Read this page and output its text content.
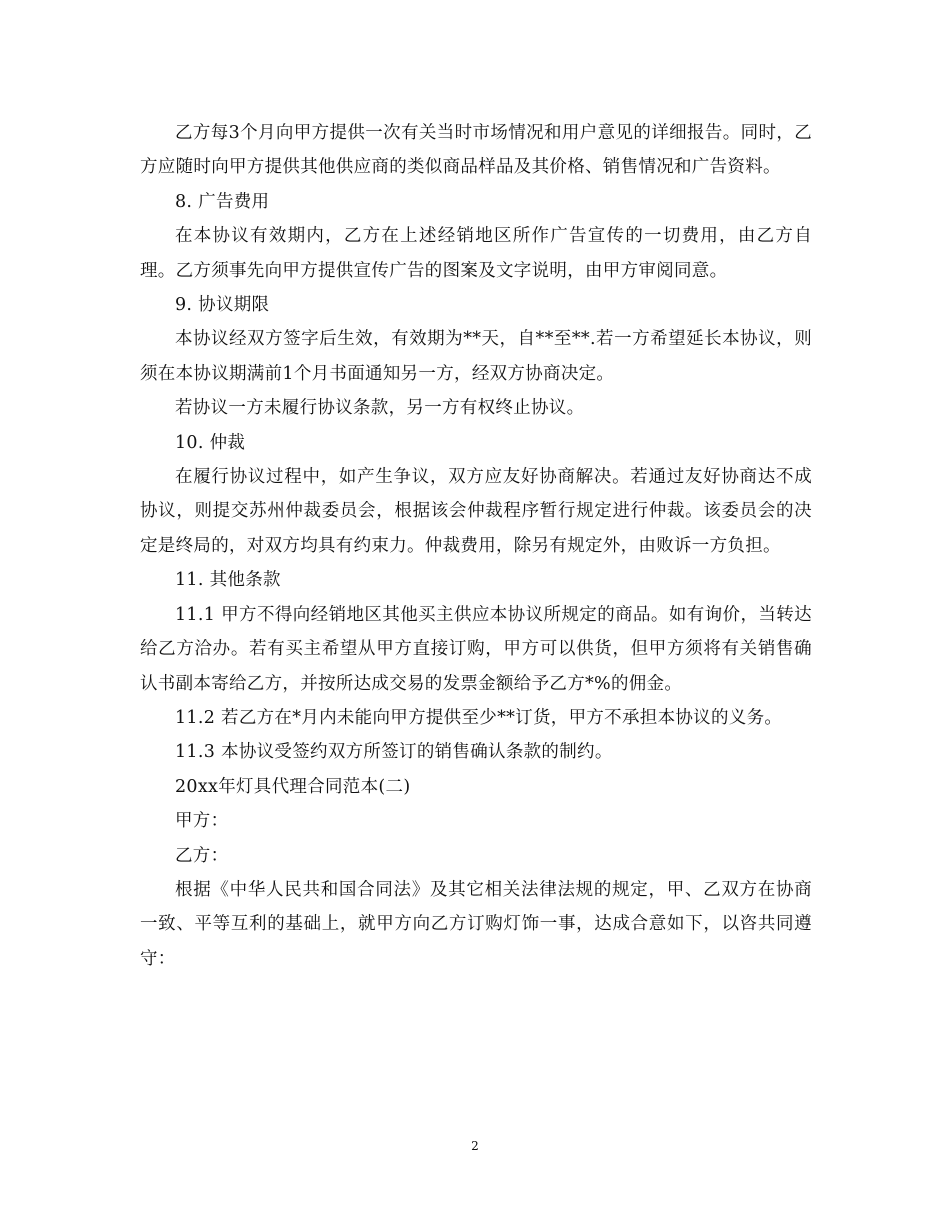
乙方每3个月向甲方提供一次有关当时市场情况和用户意见的详细报告。同时，乙方应随时向甲方提供其他供应商的类似商品样品及其价格、销售情况和广告资料。

8. 广告费用

在本协议有效期内，乙方在上述经销地区所作广告宣传的一切费用，由乙方自理。乙方须事先向甲方提供宣传广告的图案及文字说明，由甲方审阅同意。

9. 协议期限

本协议经双方签字后生效，有效期为**天，自**至**.若一方希望延长本协议，则须在本协议期满前1个月书面通知另一方，经双方协商决定。

若协议一方未履行协议条款，另一方有权终止协议。

10. 仲裁

在履行协议过程中，如产生争议，双方应友好协商解决。若通过友好协商达不成协议，则提交苏州仲裁委员会，根据该会仲裁程序暂行规定进行仲裁。该委员会的决定是终局的，对双方均具有约束力。仲裁费用，除另有规定外，由败诉一方负担。

11. 其他条款

11.1 甲方不得向经销地区其他买主供应本协议所规定的商品。如有询价，当转达给乙方洽办。若有买主希望从甲方直接订购，甲方可以供货，但甲方须将有关销售确认书副本寄给乙方，并按所达成交易的发票金额给予乙方*%的佣金。

11.2 若乙方在*月内未能向甲方提供至少**订货，甲方不承担本协议的义务。

11.3 本协议受签约双方所签订的销售确认条款的制约。

20xx年灯具代理合同范本(二)

甲方：

乙方：

根据《中华人民共和国合同法》及其它相关法律法规的规定，甲、乙双方在协商一致、平等互利的基础上，就甲方向乙方订购灯饰一事，达成合意如下，以咨共同遵守：

2
